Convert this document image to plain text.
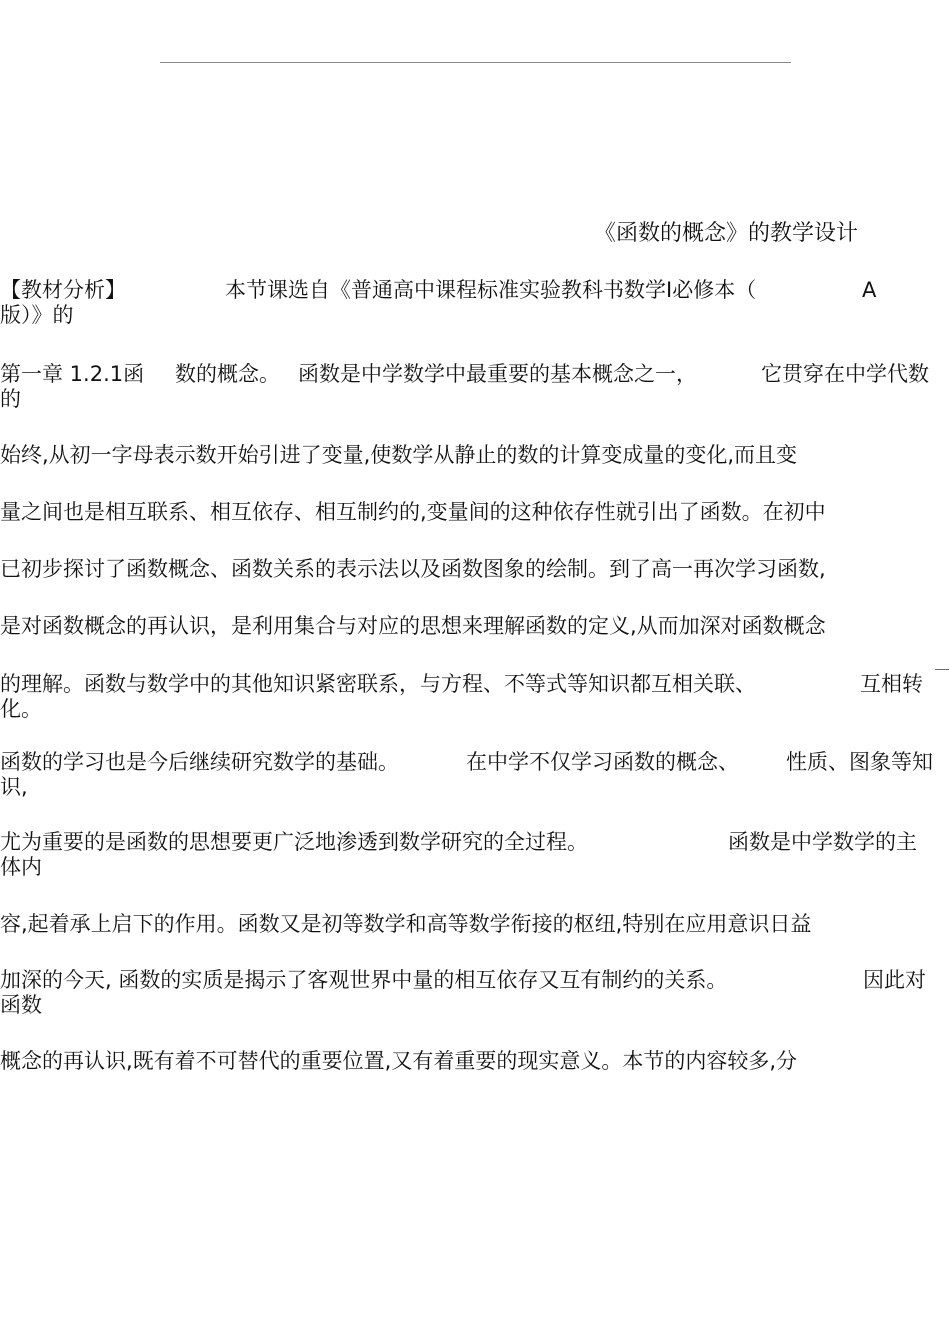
《函数的概念》的教学设计
【教材分析】	本节课选自《普通高中课程标准实验教科书数学I必修本（	A
版）》的
第一章 1.2.1函 数的概念。 函数是中学数学中最重要的基本概念之一，	它贯穿在中学代数
的
始终,从初一字母表示数开始引进了变量,使数学从静止的数的计算变成量的变化,而且变
量之间也是相互联系、相互依存、相互制约的,变量间的这种依存性就引出了函数。在初中
已初步探讨了函数概念、函数关系的表示法以及函数图象的绘制。到了高一再次学习函数,
是对函数概念的再认识，是利用集合与对应的思想来理解函数的定义,从而加深对函数概念
的理解。函数与数学中的其他知识紧密联系，与方程、不等式等知识都互相关联、	互相转
化。
函数的学习也是今后继续研究数学的基础。	在中学不仅学习函数的概念、 性质、图象等知
识,
尤为重要的是函数的思想要更广泛地渗透到数学研究的全过程。	函数是中学数学的主
体内
容,起着承上启下的作用。函数又是初等数学和高等数学衔接的枢纽,特别在应用意识日益
加深的今天, 函数的实质是揭示了客观世界中量的相互依存又互有制约的关系。	因此对
函数
概念的再认识,既有着不可替代的重要位置,又有着重要的现实意义。本节的内容较多,分
